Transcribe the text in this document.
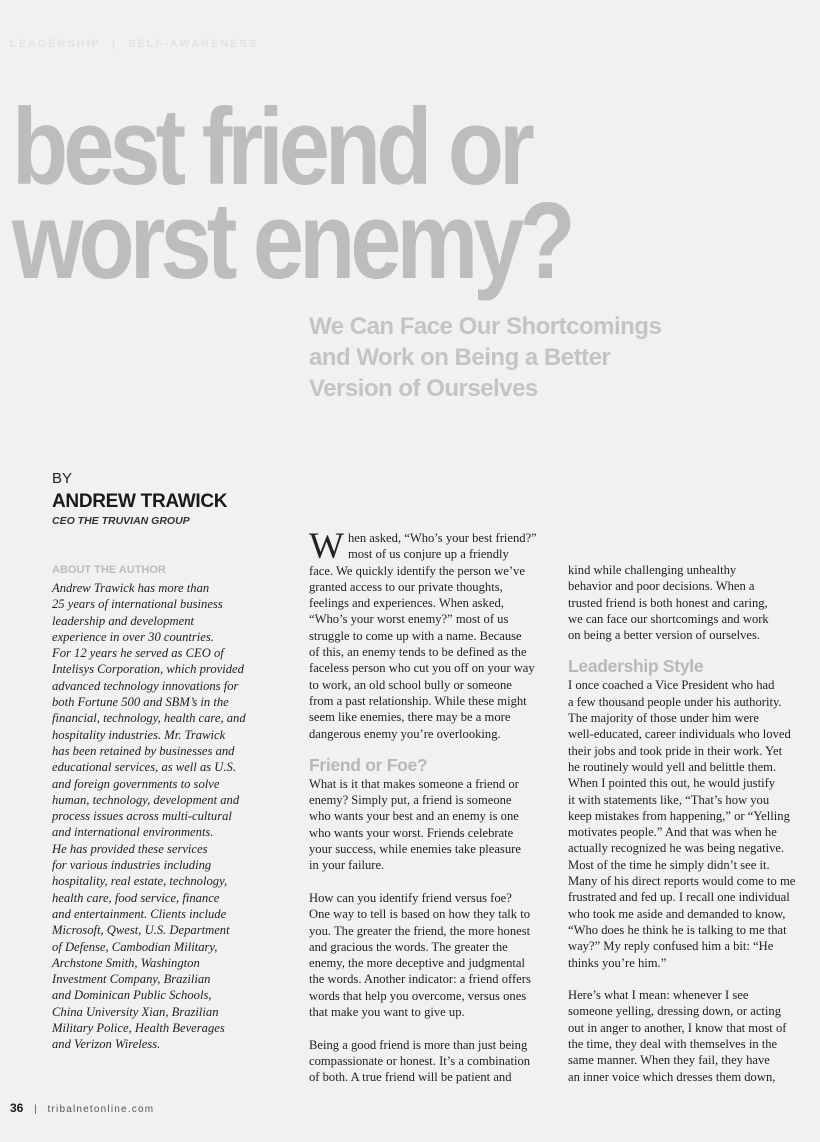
LEADERSHIP | SELF-AWARENESS
best friend or
worst enemy?
We Can Face Our Shortcomings
and Work on Being a Better
Version of Ourselves
BY
ANDREW TRAWICK
CEO THE TRUVIAN GROUP
ABOUT THE AUTHOR
Andrew Trawick has more than
25 years of international business
leadership and development
experience in over 30 countries.
For 12 years he served as CEO of
Intelisys Corporation, which provided
advanced technology innovations for
both Fortune 500 and SBM’s in the
financial, technology, health care, and
hospitality industries. Mr. Trawick
has been retained by businesses and
educational services, as well as U.S.
and foreign governments to solve
human, technology, development and
process issues across multi-cultural
and international environments.
He has provided these services
for various industries including
hospitality, real estate, technology,
health care, food service, finance
and entertainment. Clients include
Microsoft, Qwest, U.S. Department
of Defense, Cambodian Military,
Archstone Smith, Washington
Investment Company, Brazilian
and Dominican Public Schools,
China University Xian, Brazilian
Military Police, Health Beverages
and Verizon Wireless.
W hen asked, “Who’s your best friend?”
most of us conjure up a friendly
face. We quickly identify the person we’ve
granted access to our private thoughts,
feelings and experiences. When asked,
“Who’s your worst enemy?” most of us
struggle to come up with a name. Because
of this, an enemy tends to be defined as the
faceless person who cut you off on your way
to work, an old school bully or someone
from a past relationship. While these might
seem like enemies, there may be a more
dangerous enemy you’re overlooking.
Friend or Foe?
What is it that makes someone a friend or
enemy? Simply put, a friend is someone
who wants your best and an enemy is one
who wants your worst. Friends celebrate
your success, while enemies take pleasure
in your failure.
How can you identify friend versus foe?
One way to tell is based on how they talk to
you. The greater the friend, the more honest
and gracious the words. The greater the
enemy, the more deceptive and judgmental
the words. Another indicator: a friend offers
words that help you overcome, versus ones
that make you want to give up.
Being a good friend is more than just being
compassionate or honest. It’s a combination
of both. A true friend will be patient and
kind while challenging unhealthy
behavior and poor decisions. When a
trusted friend is both honest and caring,
we can face our shortcomings and work
on being a better version of ourselves.
Leadership Style
I once coached a Vice President who had
a few thousand people under his authority.
The majority of those under him were
well-educated, career individuals who loved
their jobs and took pride in their work. Yet
he routinely would yell and belittle them.
When I pointed this out, he would justify
it with statements like, “That’s how you
keep mistakes from happening,” or “Yelling
motivates people.” And that was when he
actually recognized he was being negative.
Most of the time he simply didn’t see it.
Many of his direct reports would come to me
frustrated and fed up. I recall one individual
who took me aside and demanded to know,
“Who does he think he is talking to me that
way?” My reply confused him a bit: “He
thinks you’re him.”
Here’s what I mean: whenever I see
someone yelling, dressing down, or acting
out in anger to another, I know that most of
the time, they deal with themselves in the
same manner. When they fail, they have
an inner voice which dresses them down,
36 | tribalnetonline.com
